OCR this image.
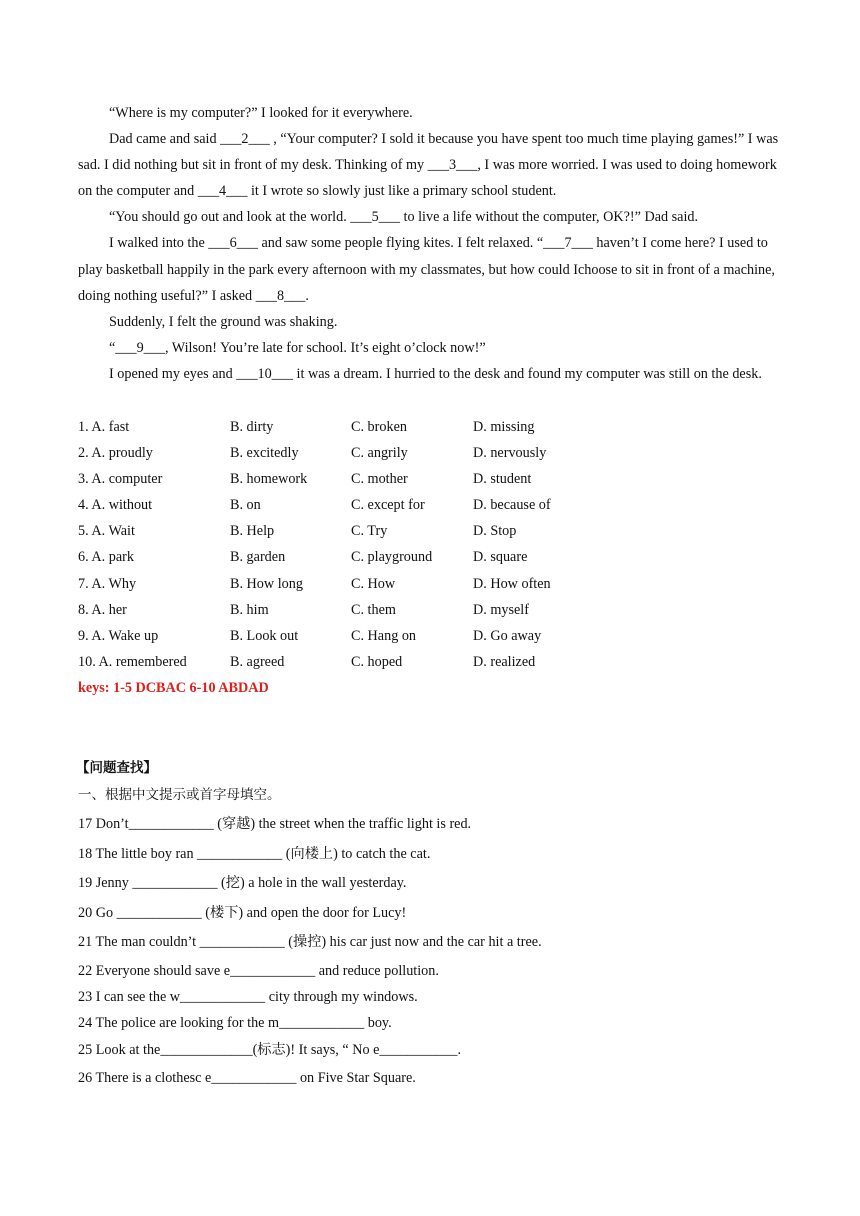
“Where is my computer?” I looked for it everywhere.

Dad came and said ___2___ , “Your computer? I sold it because you have spent too much time playing games!” I was sad. I did nothing but sit in front of my desk. Thinking of my ___3___, I was more worried. I was used to doing homework on the computer and ___4___ it I wrote so slowly just like a primary school student.

“You should go out and look at the world. ___5___ to live a life without the computer, OK?!” Dad said.

I walked into the ___6___ and saw some people flying kites. I felt relaxed. “___7___ haven’t I come here? I used to play basketball happily in the park every afternoon with my classmates, but how could Ichoose to sit in front of a machine, doing nothing useful?” I asked ___8___.

Suddenly, I felt the ground was shaking.

“___9___, Wilson! You’re late for school. It’s eight o’clock now!”

I opened my eyes and ___10___ it was a dream. I hurried to the desk and found my computer was still on the desk.

1. A. fast	B. dirty	C. broken	D. missing
2. A. proudly	B. excitedly	C. angrily	D. nervously
3. A. computer	B. homework	C. mother	D. student
4. A. without	B. on	C. except for	D. because of
5. A. Wait	B. Help	C. Try	D. Stop
6. A. park	B. garden	C. playground	D. square
7. A. Why	B. How long	C. How	D. How often
8. A. her	B. him	C. them	D. myself
9. A. Wake up	B. Look out	C. Hang on	D. Go away
10. A. remembered	B. agreed	C. hoped	D. realized
keys: 1-5 DCBAC 6-10 ABDAD
【问题查找】
一、根据中文提示或首字母填空。
17 Don’t____________ (穿越) the street when the traffic light is red.
18 The little boy ran ____________ (向楼上) to catch the cat.
19 Jenny ____________ (挖) a hole in the wall yesterday.
20 Go ____________ (楼下) and open the door for Lucy!
21 The man couldn’t ____________ (操控) his car just now and the car hit a tree.
22 Everyone should save e____________ and reduce pollution.
23 I can see the w____________ city through my windows.
24 The police are looking for the m____________ boy.
25 Look at the_____________(标志)! It says, “ No e___________.
26 There is a clothesc e____________ on Five Star Square.
